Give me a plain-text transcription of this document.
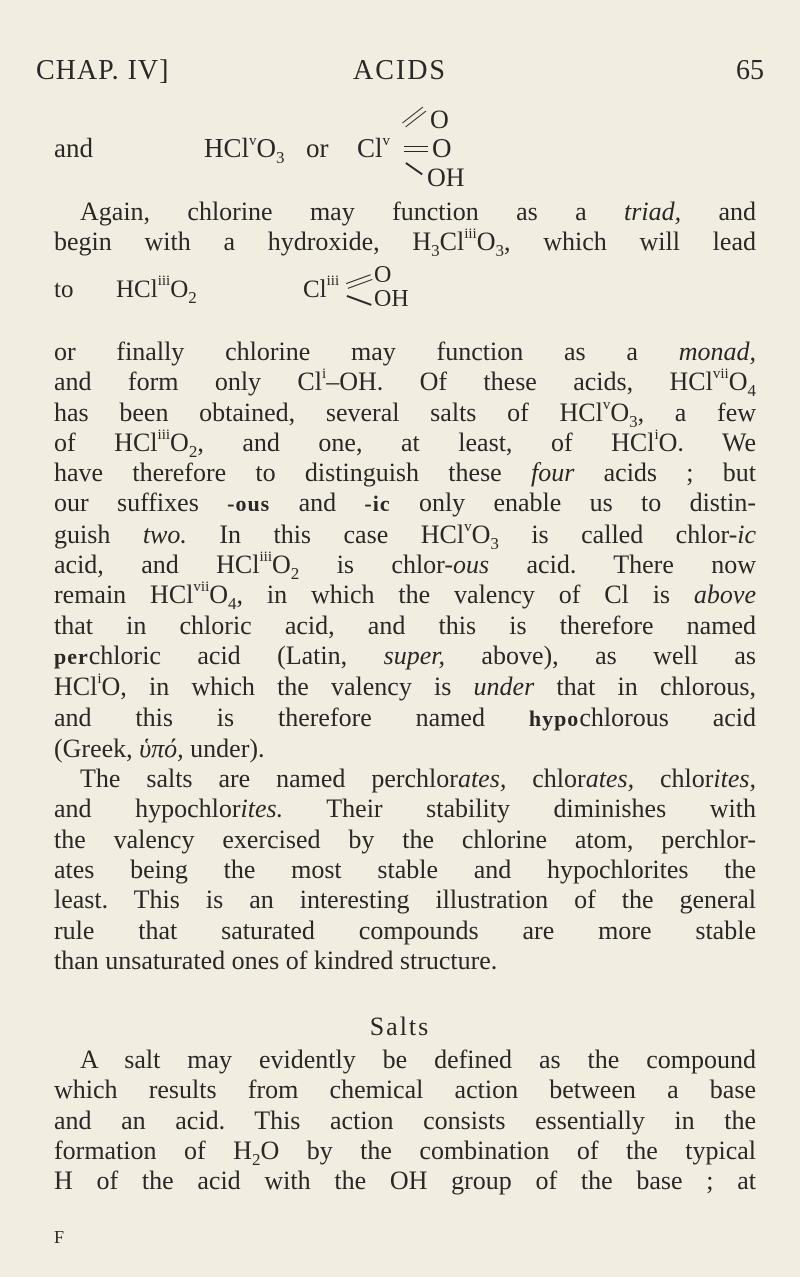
CHAP. IV]	ACIDS	65
and	$HCl^vO_3$ or Cl$^v$
O
O
OH
Again, chlorine may function as a triad, and
begin with a hydroxide, $H_3Cl^{iii}O_3$, which will lead
to $HCl^{iii}O_2$	Cl$^{iii}$ O
OH
or finally chlorine may function as a monad,
and form only Cl$^i$–OH. Of these acids, $HCl^{vii}O_4$
has been obtained, several salts of $HCl^vO_3$, a few
of $HCl^{iii}O_2$, and one, at least, of HCl$^i$O. We
have therefore to distinguish these four acids ; but
our suffixes -ous and -ic only enable us to distin-
guish two. In this case $HCl^vO_3$ is called chlor-ic
acid, and $HCl^{iii}O_2$ is chlor-ous acid. There now
remain $HCl^{vii}O_4$, in which the valency of Cl is above
that in chloric acid, and this is therefore named
perchloric acid (Latin, super, above), as well as
HCl$^i$O, in which the valency is under that in chlorous,
and this is therefore named hypochlorous acid
(Greek, ὑπό, under).
The salts are named perchlorates, chlorates, chlorites,
and hypochlorites. Their stability diminishes with
the valency exercised by the chlorine atom, perchlor-
ates being the most stable and hypochlorites the
least. This is an interesting illustration of the general
rule that saturated compounds are more stable
than unsaturated ones of kindred structure.
Salts
A salt may evidently be defined as the compound
which results from chemical action between a base
and an acid. This action consists essentially in the
formation of $H_2O$ by the combination of the typical
H of the acid with the OH group of the base ; at
F
